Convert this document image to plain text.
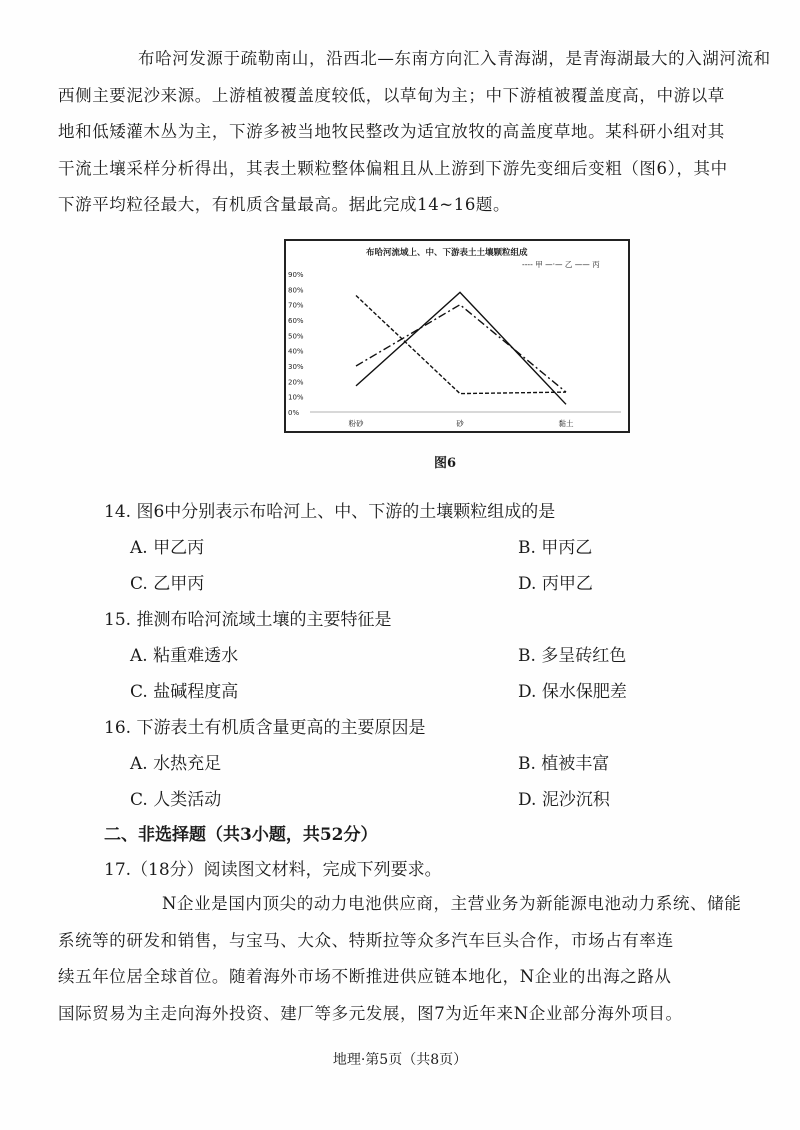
布哈河发源于疏勒南山，沿西北—东南方向汇入青海湖，是青海湖最大的入湖河流和
西侧主要泥沙来源。上游植被覆盖度较低，以草甸为主；中下游植被覆盖度高，中游以草
地和低矮灌木丛为主，下游多被当地牧民整改为适宜放牧的高盖度草地。某科研小组对其
干流土壤采样分析得出，其表土颗粒整体偏粗且从上游到下游先变细后变粗（图6），其中
下游平均粒径最大，有机质含量最高。据此完成14~16题。
布哈河流域上、中、下游表土土壤颗粒组成
---- 甲 —·— 乙 —— 丙
90%
80%
70%
60%
50%
40%
30%
20%
10%
0%
粉砂	砂	黏土
图6
14. 图6中分别表示布哈河上、中、下游的土壤颗粒组成的是
A. 甲乙丙	B. 甲丙乙
C. 乙甲丙	D. 丙甲乙
15. 推测布哈河流域土壤的主要特征是
A. 粘重难透水	B. 多呈砖红色
C. 盐碱程度高	D. 保水保肥差
16. 下游表土有机质含量更高的主要原因是
A. 水热充足	B. 植被丰富
C. 人类活动	D. 泥沙沉积
二、非选择题（共3小题，共52分）
17.（18分）阅读图文材料，完成下列要求。
N企业是国内顶尖的动力电池供应商，主营业务为新能源电池动力系统、储能
系统等的研发和销售，与宝马、大众、特斯拉等众多汽车巨头合作，市场占有率连
续五年位居全球首位。随着海外市场不断推进供应链本地化，N企业的出海之路从
国际贸易为主走向海外投资、建厂等多元发展，图7为近年来N企业部分海外项目。
地理·第5页（共8页）
